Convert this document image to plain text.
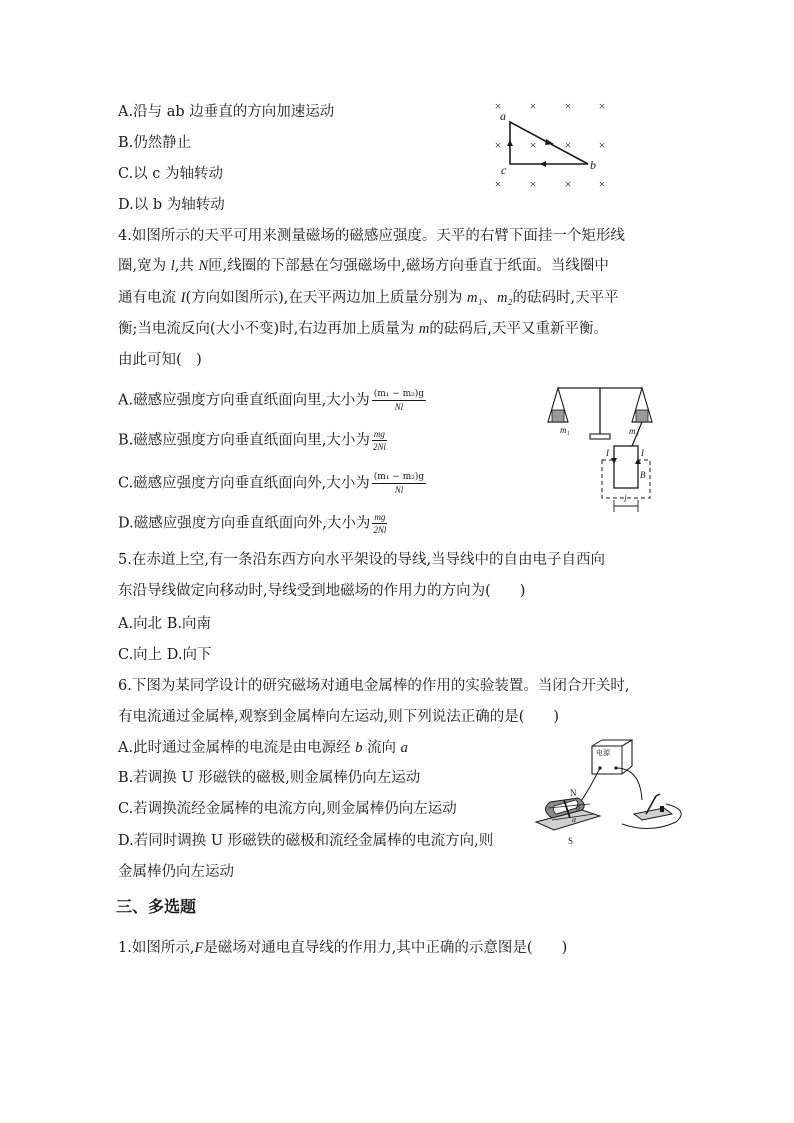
A.沿与 ab 边垂直的方向加速运动
B.仍然静止
C.以 c 为轴转动
D.以 b 为轴转动
× × × ×
× × × ×
× × × ×
a
b
c
4.如图所示的天平可用来测量磁场的磁感应强度。天平的右臂下面挂一个矩形线
圈,宽为 l,共 N匝,线圈的下部悬在匀强磁场中,磁场方向垂直于纸面。当线圈中
通有电流 I(方向如图所示),在天平两边加上质量分别为 m₁、m₂的砝码时,天平平
衡;当电流反向(大小不变)时,右边再加上质量为 m的砝码后,天平又重新平衡。
由此可知(　)
A.磁感应强度方向垂直纸面向里,大小为 $\frac{\text{(m₁ − m₂)g}}{Nl}$
B.磁感应强度方向垂直纸面向里,大小为 $\frac{mg}{2Nl}$
C.磁感应强度方向垂直纸面向外,大小为 $\frac{\text{(m₁ − m₂)g}}{Nl}$
D.磁感应强度方向垂直纸面向外,大小为 $\frac{mg}{2Nl}$
m₁	m₂
I	I
B
l
5.在赤道上空,有一条沿东西方向水平架设的导线,当导线中的自由电子自西向
东沿导线做定向移动时,导线受到地磁场的作用力的方向为(　　)
A.向北 B.向南
C.向上 D.向下
6.下图为某同学设计的研究磁场对通电金属棒的作用的实验装置。当闭合开关时,
有电流通过金属棒,观察到金属棒向左运动,则下列说法正确的是(　　)
A.此时通过金属棒的电流是由电源经 b 流向 a
B.若调换 U 形磁铁的磁极,则金属棒仍向左运动
C.若调换流经金属棒的电流方向,则金属棒仍向左运动
D.若同时调换 U 形磁铁的磁极和流经金属棒的电流方向,则
金属棒仍向左运动
电源
a
b
N
S
三、多选题
1.如图所示,F是磁场对通电直导线的作用力,其中正确的示意图是(　　)
